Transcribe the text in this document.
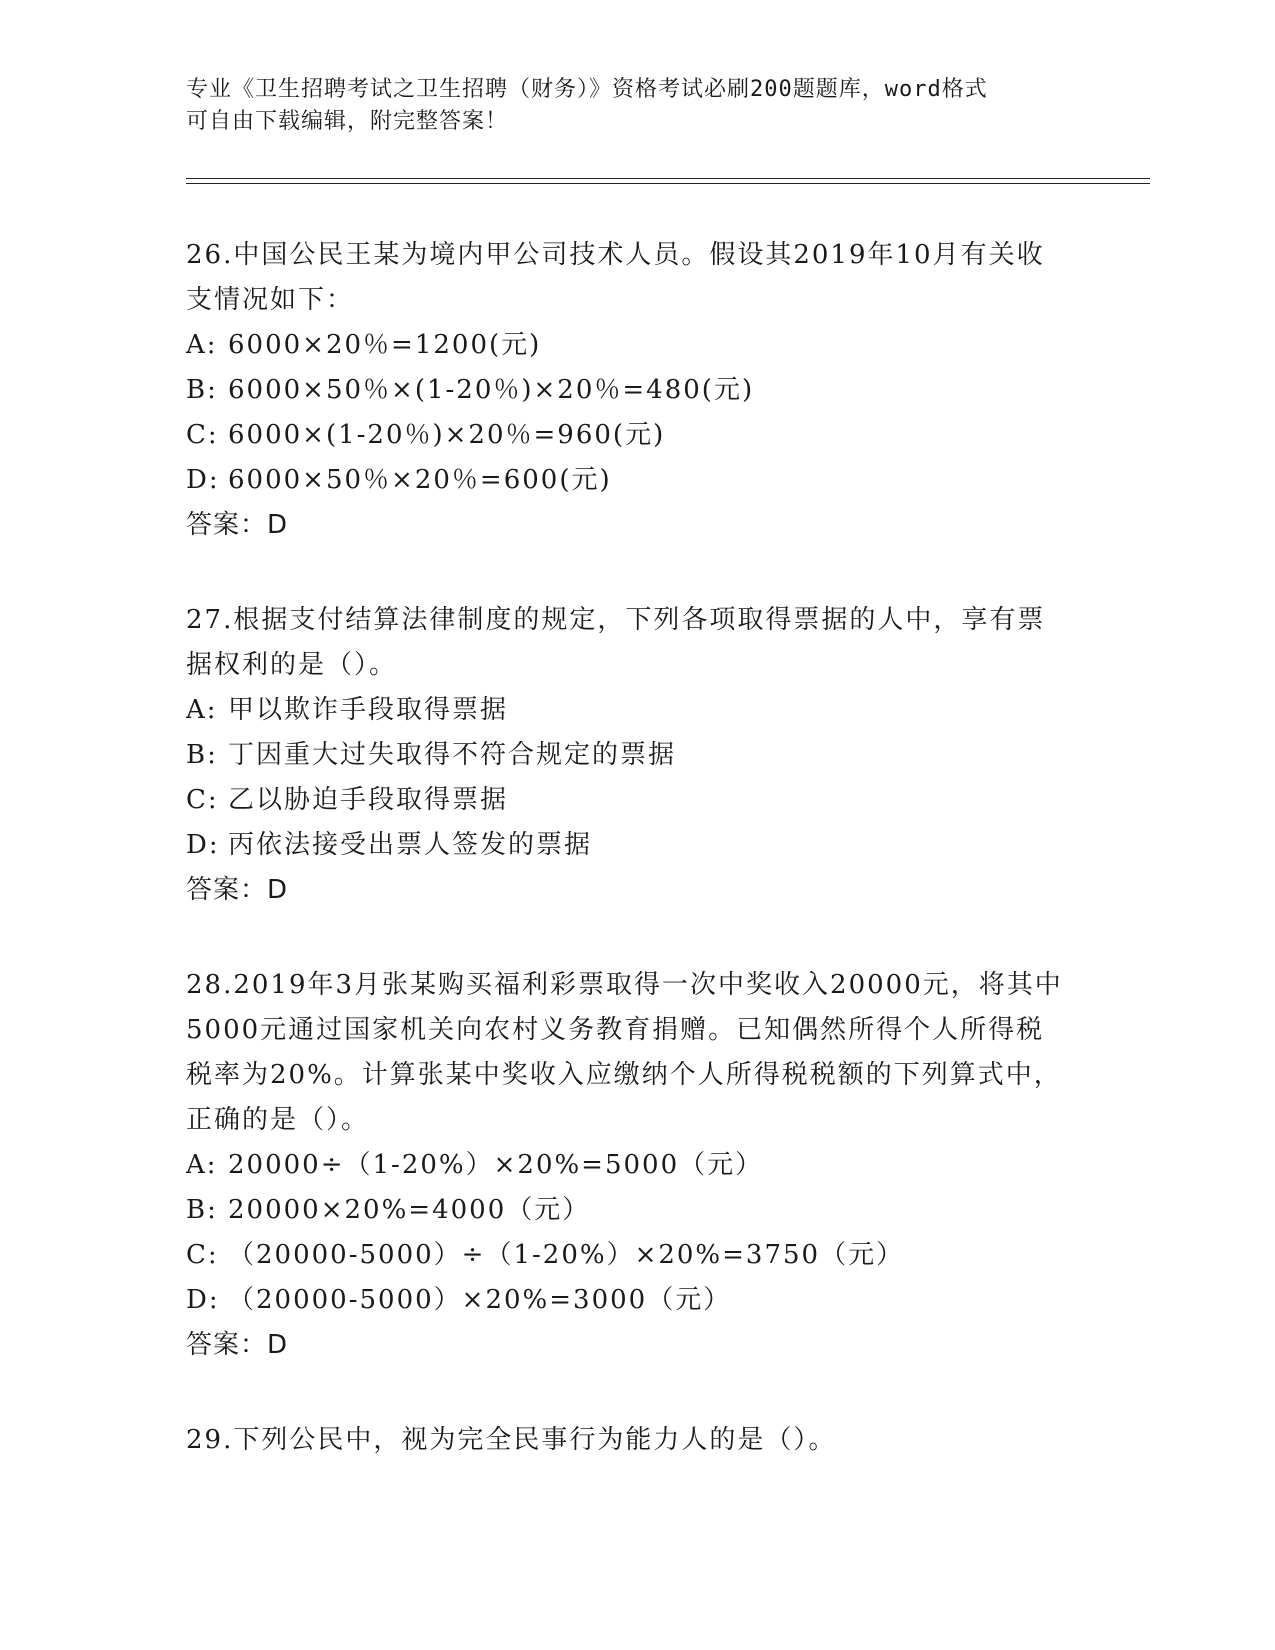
专业《卫生招聘考试之卫生招聘（财务）》资格考试必刷200题题库，word格式
可自由下载编辑，附完整答案！
26.中国公民王某为境内甲公司技术人员。假设其2019年10月有关收
支情况如下：
A: 6000×20％=1200(元)
B: 6000×50％×(1-20％)×20％=480(元)
C: 6000×(1-20％)×20％=960(元)
D: 6000×50％×20％=600(元)
答案：D
27.根据支付结算法律制度的规定，下列各项取得票据的人中，享有票
据权利的是（）。
A: 甲以欺诈手段取得票据
B: 丁因重大过失取得不符合规定的票据
C: 乙以胁迫手段取得票据
D: 丙依法接受出票人签发的票据
答案：D
28.2019年3月张某购买福利彩票取得一次中奖收入20000元，将其中
5000元通过国家机关向农村义务教育捐赠。已知偶然所得个人所得税
税率为20%。计算张某中奖收入应缴纳个人所得税税额的下列算式中，
正确的是（）。
A: 20000÷（1-20%）×20%=5000（元）
B: 20000×20%=4000（元）
C: （20000-5000）÷（1-20%）×20%=3750（元）
D: （20000-5000）×20%=3000（元）
答案：D
29.下列公民中，视为完全民事行为能力人的是（）。
